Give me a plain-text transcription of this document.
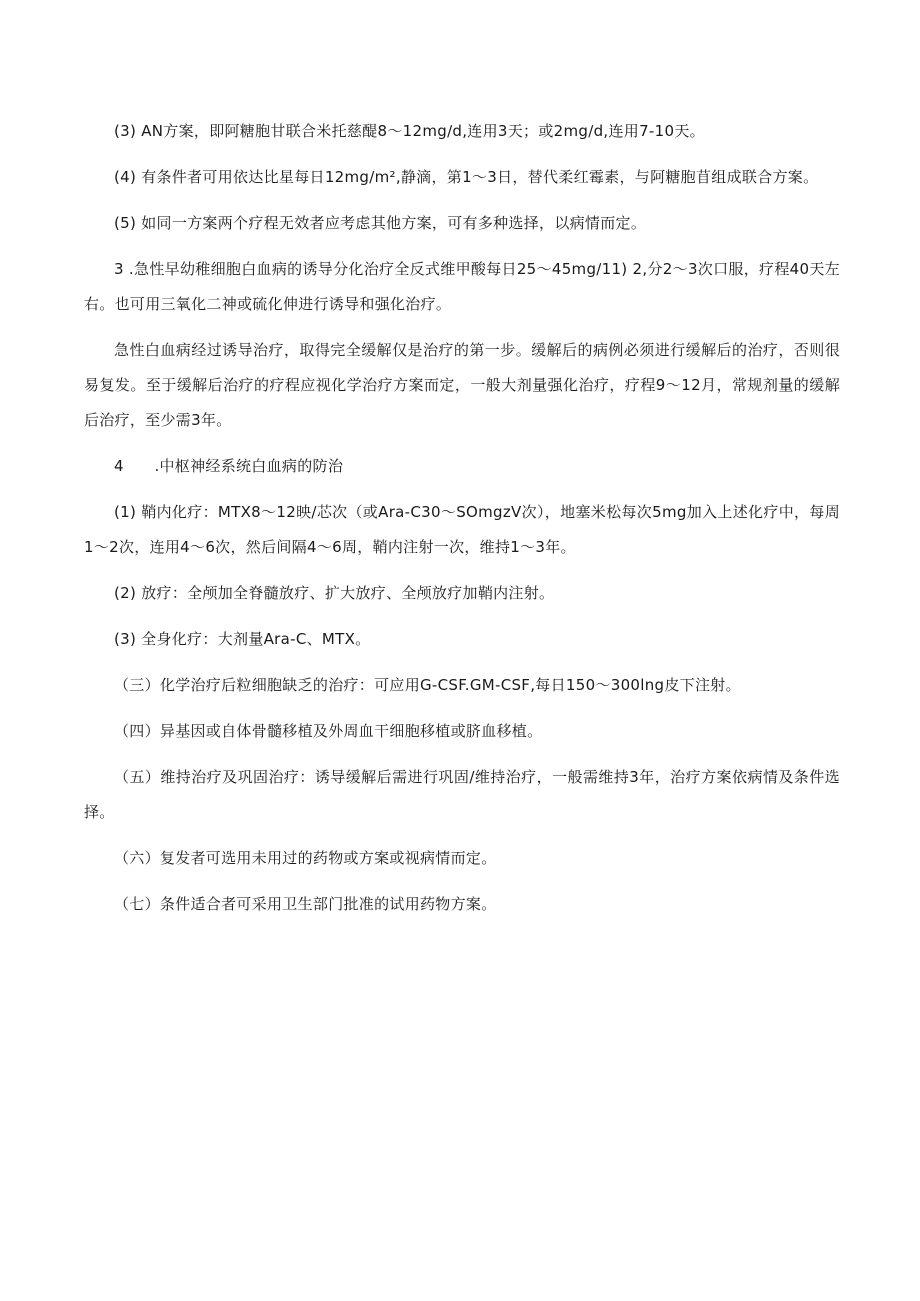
(3) AN方案，即阿糖胞甘联合米托慈醍8〜12mg∕d,连用3天；或2mg∕d,连用7-10天。

(4) 有条件者可用依达比星每日12mg∕m²,静滴，第1〜3日，替代柔红霉素，与阿糖胞苜组成联合方案。

(5) 如同一方案两个疗程无效者应考虑其他方案，可有多种选择，以病情而定。

3 .急性早幼稚细胞白血病的诱导分化治疗全反式维甲酸每日25〜45mg∕11) 2,分2〜3次口服，疗程40天左右。也可用三氧化二神或硫化伸进行诱导和强化治疗。

急性白血病经过诱导治疗，取得完全缓解仅是治疗的第一步。缓解后的病例必须进行缓解后的治疗，否则很易复发。至于缓解后治疗的疗程应视化学治疗方案而定，一般大剂量强化治疗，疗程9〜12月，常规剂量的缓解后治疗，至少需3年。

4　　.中枢神经系统白血病的防治

(1) 鞘内化疗：MTX8〜12映/芯次（或Ara-C30〜SOmgzV次），地塞米松每次5mg加入上述化疗中，每周1〜2次，连用4〜6次，然后间隔4〜6周，鞘内注射一次，维持1〜3年。

(2) 放疗：全颅加全脊髓放疗、扩大放疗、全颅放疗加鞘内注射。

(3) 全身化疗：大剂量Ara-C、MTX。

（三）化学治疗后粒细胞缺乏的治疗：可应用G-CSF.GM-CSF,每日150〜300lng皮下注射。

（四）异基因或自体骨髓移植及外周血干细胞移植或脐血移植。

（五）维持治疗及巩固治疗：诱导缓解后需进行巩固/维持治疗，一般需维持3年，治疗方案依病情及条件选择。

（六）复发者可选用未用过的药物或方案或视病情而定。

（七）条件适合者可采用卫生部门批准的试用药物方案。
